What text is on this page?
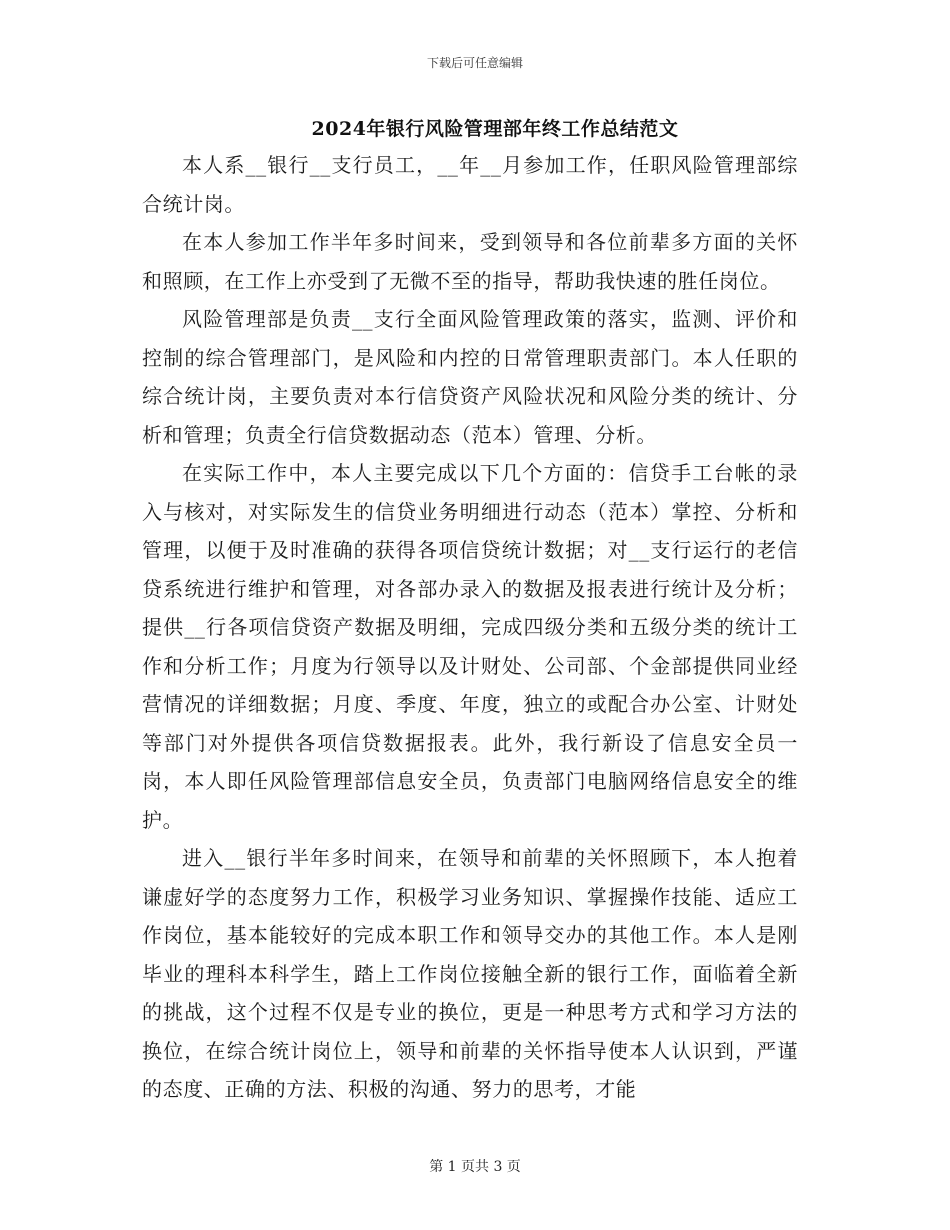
下载后可任意编辑
2024年银行风险管理部年终工作总结范文

本人系__银行__支行员工，__年__月参加工作，任职风险管理部综合统计岗。

在本人参加工作半年多时间来，受到领导和各位前辈多方面的关怀和照顾，在工作上亦受到了无微不至的指导，帮助我快速的胜任岗位。

风险管理部是负责__支行全面风险管理政策的落实，监测、评价和控制的综合管理部门，是风险和内控的日常管理职责部门。本人任职的综合统计岗，主要负责对本行信贷资产风险状况和风险分类的统计、分析和管理；负责全行信贷数据动态（范本）管理、分析。

在实际工作中，本人主要完成以下几个方面的：信贷手工台帐的录入与核对，对实际发生的信贷业务明细进行动态（范本）掌控、分析和管理，以便于及时准确的获得各项信贷统计数据；对__支行运行的老信贷系统进行维护和管理，对各部办录入的数据及报表进行统计及分析；提供__行各项信贷资产数据及明细，完成四级分类和五级分类的统计工作和分析工作；月度为行领导以及计财处、公司部、个金部提供同业经营情况的详细数据；月度、季度、年度，独立的或配合办公室、计财处等部门对外提供各项信贷数据报表。此外，我行新设了信息安全员一岗，本人即任风险管理部信息安全员，负责部门电脑网络信息安全的维护。

进入__银行半年多时间来，在领导和前辈的关怀照顾下，本人抱着谦虚好学的态度努力工作，积极学习业务知识、掌握操作技能、适应工作岗位，基本能较好的完成本职工作和领导交办的其他工作。本人是刚毕业的理科本科学生，踏上工作岗位接触全新的银行工作，面临着全新的挑战，这个过程不仅是专业的换位，更是一种思考方式和学习方法的换位，在综合统计岗位上，领导和前辈的关怀指导使本人认识到，严谨的态度、正确的方法、积极的沟通、努力的思考，才能

第 1 页共 3 页
